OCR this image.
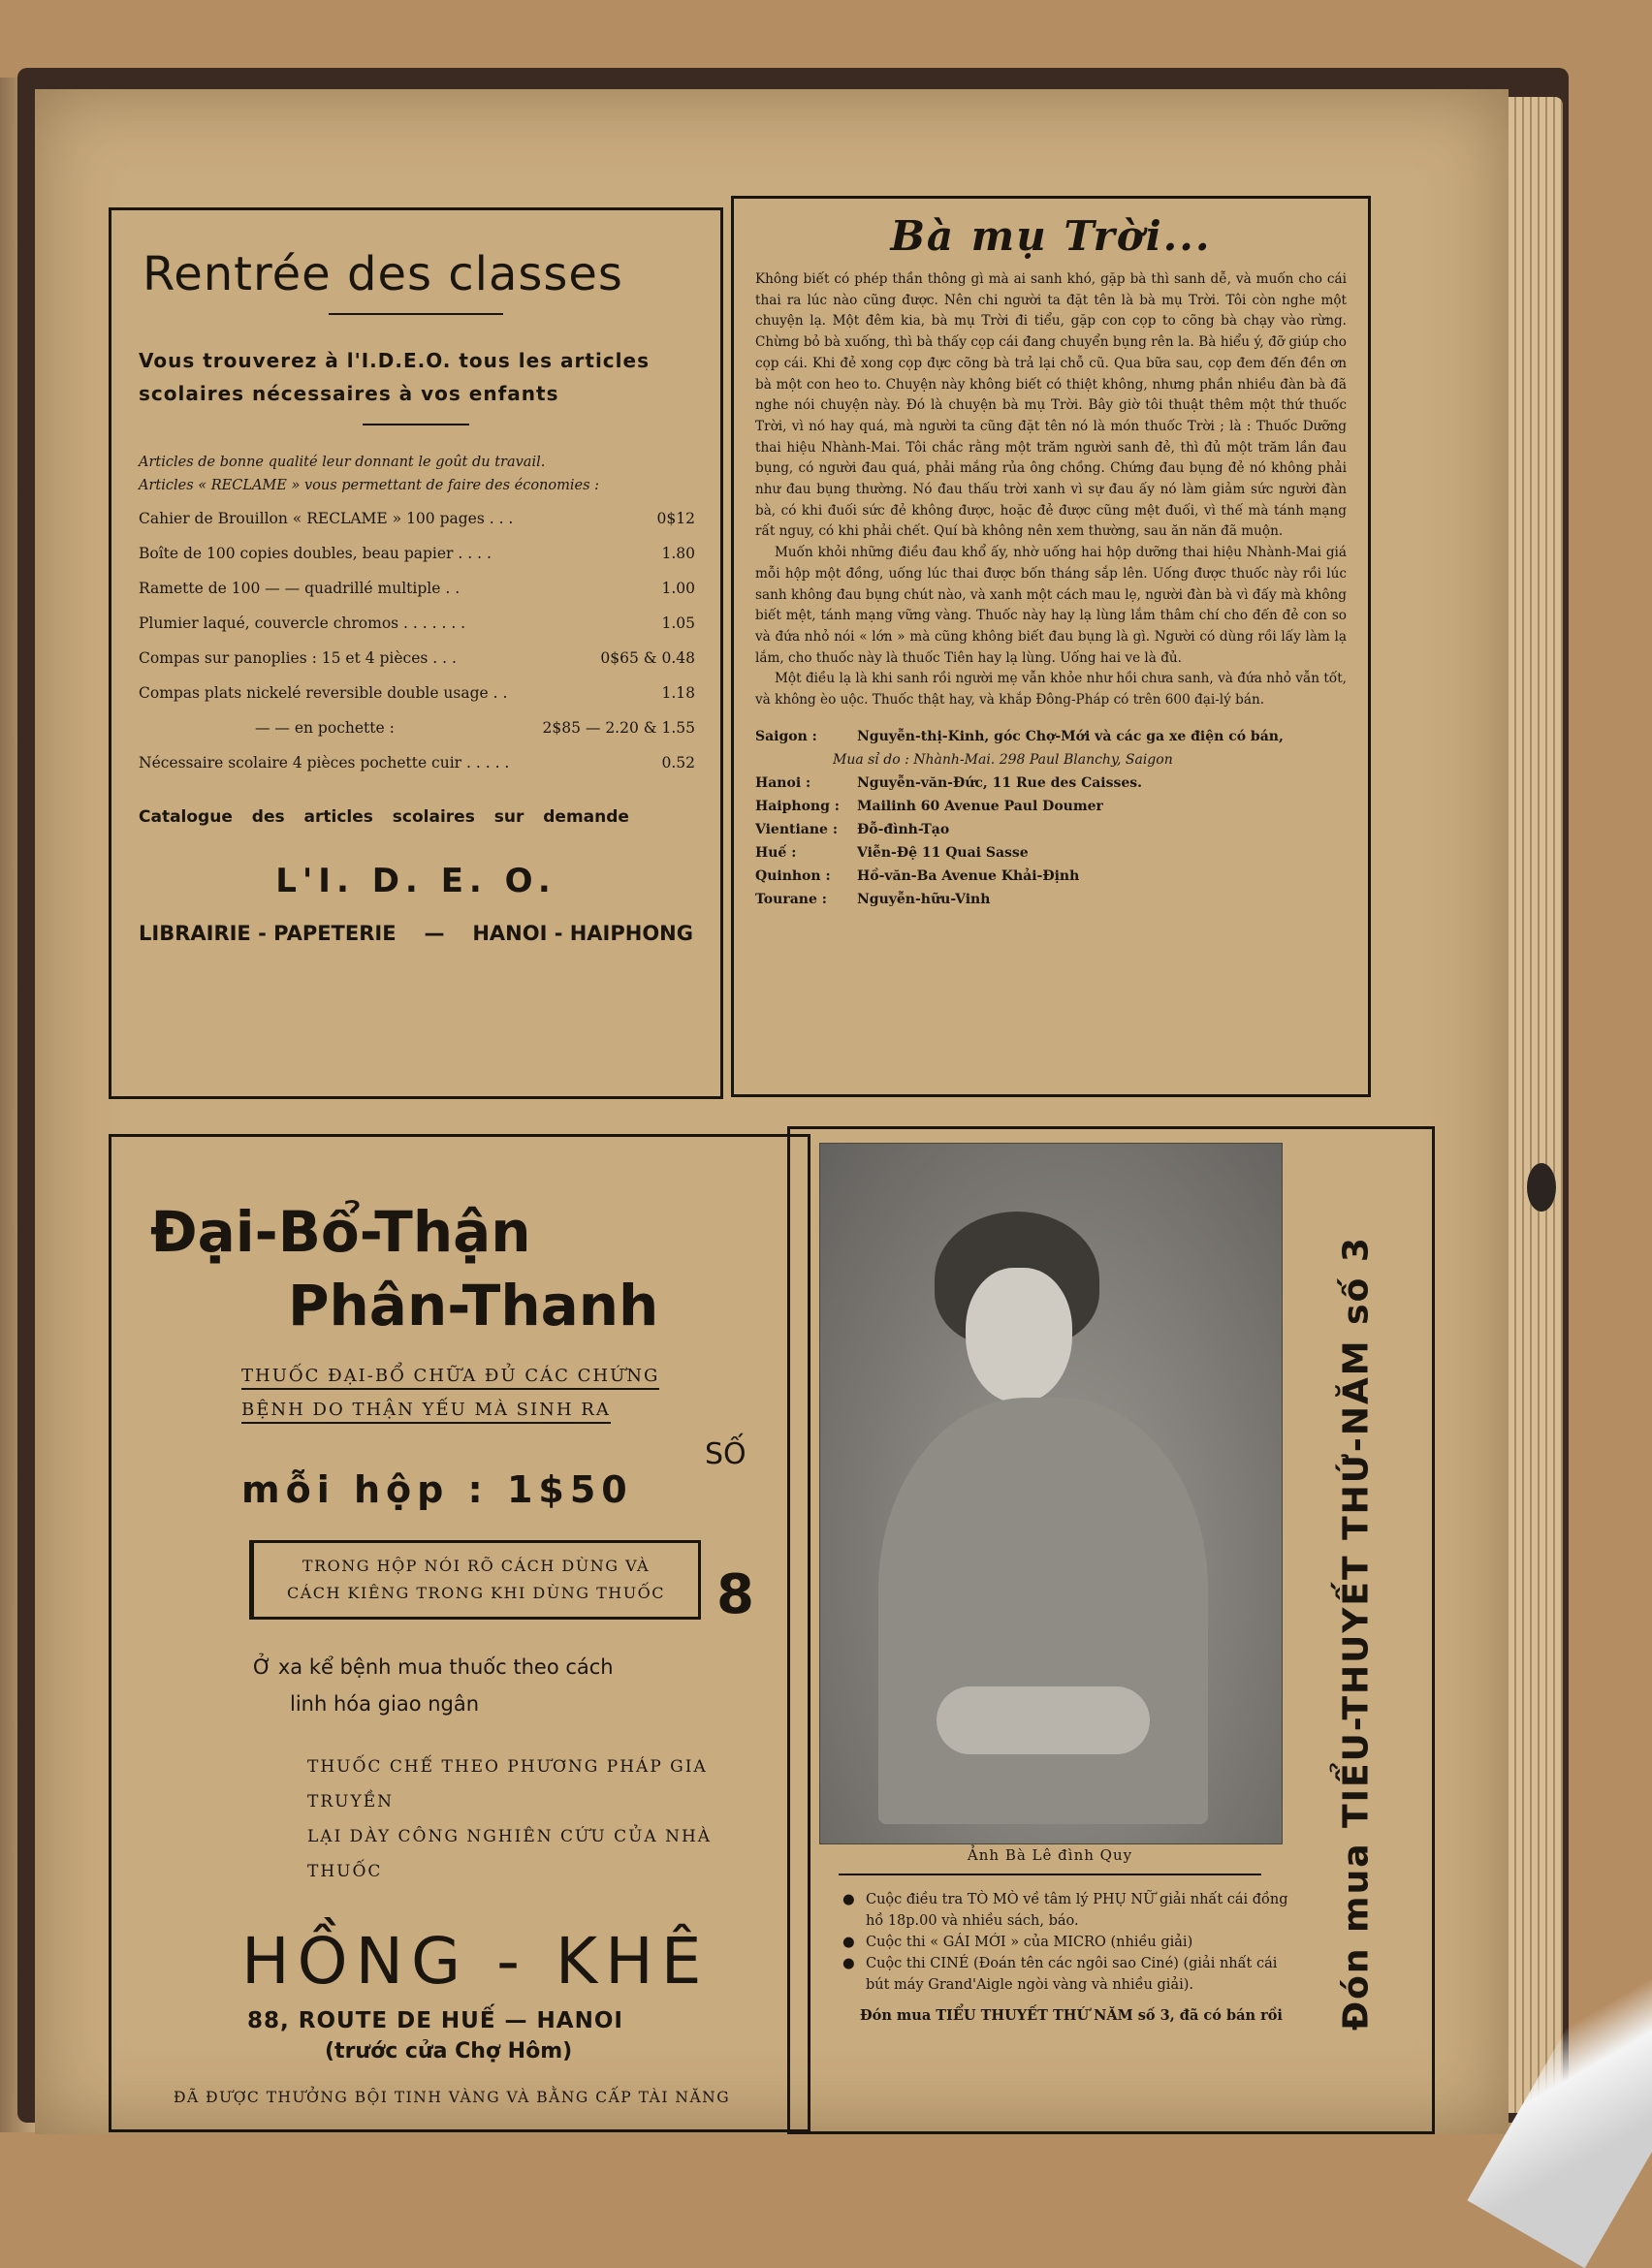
Rentrée des classes
Vous trouverez à l'I.D.E.O. tous les articles scolaires nécessaires à vos enfants
Articles de bonne qualité leur donnant le goût du travail.
Articles « RECLAME » vous permettant de faire des économies :
Cahier de Brouillon « RECLAME » 100 pages . . .	0$12
Boîte de 100 copies doubles, beau papier . . . .	1.80
Ramette de 100 — — quadrillé multiple . .	1.00
Plumier laqué, couvercle chromos . . . . . . .	1.05
Compas sur panoplies : 15 et 4 pièces . . .	0$65 & 0.48
Compas plats nickelé reversible double usage . .	1.18
— — en pochette :	2$85 — 2.20 & 1.55
Nécessaire scolaire 4 pièces pochette cuir . . . . .	0.52
Catalogue des articles scolaires sur demande
L'I. D. E. O.
LIBRAIRIE - PAPETERIE — HANOI - HAIPHONG
Bà mụ Trời...

Không biết có phép thần thông gì mà ai sanh khó, gặp bà thì sanh dễ, và muốn cho cái thai ra lúc nào cũng được. Nên chi người ta đặt tên là bà mụ Trời. Tôi còn nghe một chuyện lạ. Một đêm kia, bà mụ Trời đi tiểu, gặp con cọp to cõng bà chạy vào rừng. Chừng bỏ bà xuống, thì bà thấy cọp cái đang chuyển bụng rên la. Bà hiểu ý, đỡ giúp cho cọp cái. Khi đẻ xong cọp đực cõng bà trả lại chỗ cũ. Qua bữa sau, cọp đem đến đền ơn bà một con heo to. Chuyện này không biết có thiệt không, nhưng phần nhiều đàn bà đã nghe nói chuyện này. Đó là chuyện bà mụ Trời. Bây giờ tôi thuật thêm một thứ thuốc Trời, vì nó hay quá, mà người ta cũng đặt tên nó là món thuốc Trời ; là : Thuốc Dưỡng thai hiệu Nhành-Mai. Tôi chắc rằng một trăm người sanh đẻ, thì đủ một trăm lần đau bụng, có người đau quá, phải mắng rủa ông chồng. Chứng đau bụng đẻ nó không phải như đau bụng thường. Nó đau thấu trời xanh vì sự đau ấy nó làm giảm sức người đàn bà, có khi đuối sức đẻ không được, hoặc đẻ được cũng mệt đuối, vì thế mà tánh mạng rất nguy, có khi phải chết. Quí bà không nên xem thường, sau ăn năn đã muộn.

Muốn khỏi những điều đau khổ ấy, nhờ uống hai hộp dưỡng thai hiệu Nhành-Mai giá mỗi hộp một đồng, uống lúc thai được bốn tháng sắp lên. Uống được thuốc này rồi lúc sanh không đau bụng chút nào, và xanh một cách mau lẹ, người đàn bà vì đấy mà không biết mệt, tánh mạng vững vàng. Thuốc này hay lạ lùng lắm thâm chí cho đến đẻ con so và đứa nhỏ nói « lớn » mà cũng không biết đau bụng là gì. Người có dùng rồi lấy làm lạ lắm, cho thuốc này là thuốc Tiên hay lạ lùng. Uống hai ve là đủ.

Một điều lạ là khi sanh rồi người mẹ vẫn khỏe như hồi chưa sanh, và đứa nhỏ vẫn tốt, và không èo uộc. Thuốc thật hay, và khắp Đông-Pháp có trên 600 đại-lý bán.

Saigon :	Nguyễn-thị-Kinh, góc Chợ-Mới và các ga xe điện có bán,
Mua sỉ do : Nhành-Mai. 298 Paul Blanchy, Saigon
Hanoi :	Nguyễn-văn-Đức, 11 Rue des Caisses.
Haiphong :	Mailinh 60 Avenue Paul Doumer
Vientiane :	Đỗ-đình-Tạo
Huế :	Viễn-Đệ 11 Quai Sasse
Quinhon :	Hồ-văn-Ba Avenue Khải-Định
Tourane :	Nguyễn-hữu-Vinh
Đại-Bổ-Thận
Phân-Thanh
THUỐC ĐẠI-BỔ CHỮA ĐỦ CÁC CHỨNG
BỆNH DO THẬN YẾU MÀ SINH RA
mỗi hộp : 1$50
TRONG HỘP NÓI RÕ CÁCH DÙNG VÀ
CÁCH KIÊNG TRONG KHI DÙNG THUỐC
Ở xa kể bệnh mua thuốc theo cách
linh hóa giao ngân
THUỐC CHẾ THEO PHƯƠNG PHÁP GIA TRUYỀN
LẠI DÀY CÔNG NGHIÊN CỨU CỦA NHÀ THUỐC
HỒNG - KHÊ
88, ROUTE DE HUẾ — HANOI
(trước cửa Chợ Hôm)
ĐÃ ĐƯỢC THƯỞNG BỘI TINH VÀNG VÀ BẰNG CẤP TÀI NĂNG
SỐ
8
Ảnh Bà Lê đình Quy
● Cuộc điều tra TÒ MÒ về tâm lý PHỤ NỮ giải nhất cái đồng hồ 18p.00 và nhiều sách, báo.
● Cuộc thi « GÁI MỚI » của MICRO (nhiều giải)
● Cuộc thi CINÉ (Đoán tên các ngôi sao Ciné) (giải nhất cái bút máy Grand'Aigle ngòi vàng và nhiều giải).
Đón mua TIỂU THUYẾT THỨ NĂM số 3, đã có bán rồi	Đón mua TIỂU-THUYẾT THỨ-NĂM số 3
